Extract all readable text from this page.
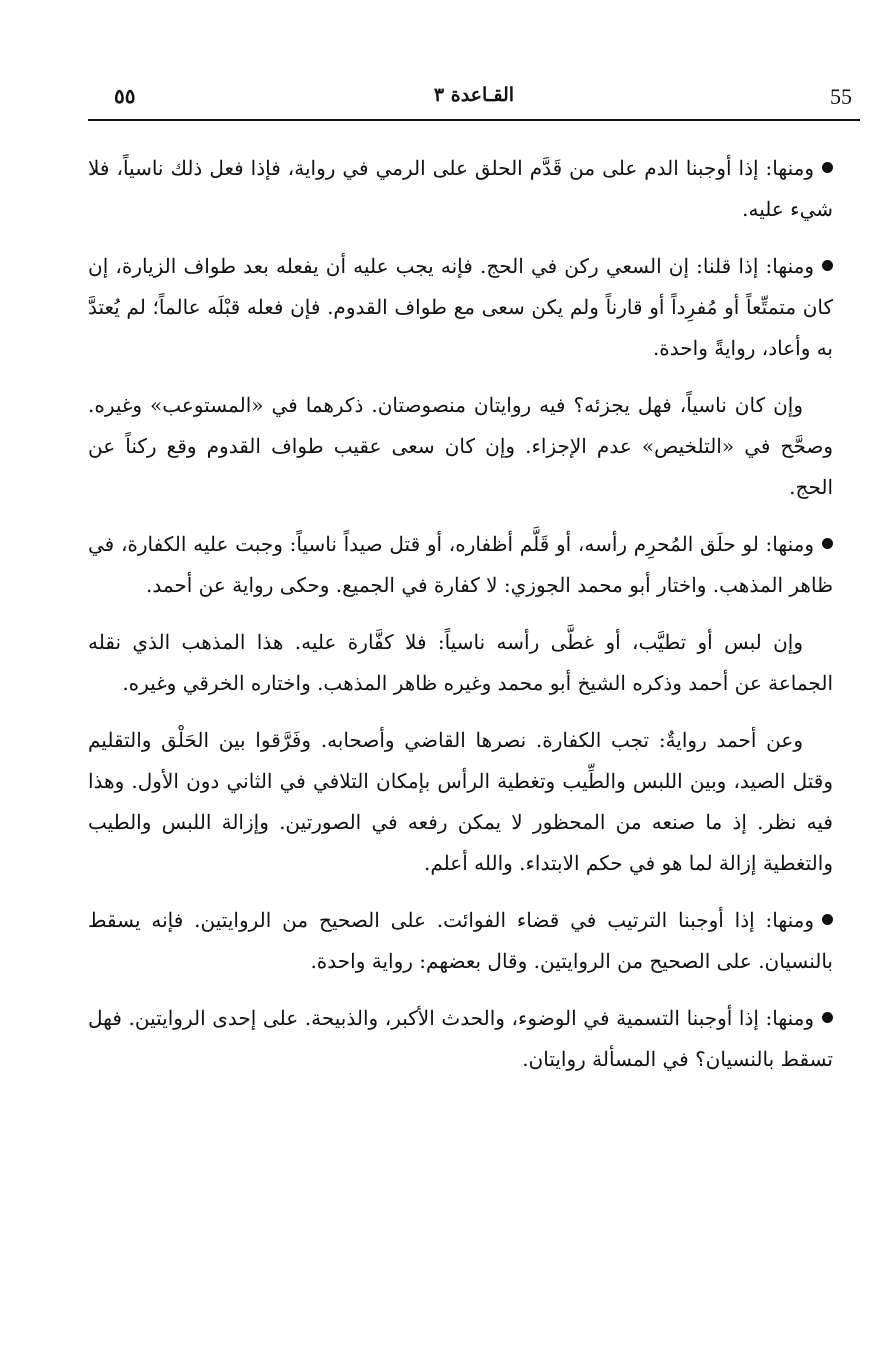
55
القـاعدة ٣
٥٥

ومنها: إذا أوجبنا الدم على من قَدَّم الحلق على الرمي في رواية، فإذا فعل ذلك ناسياً، فلا شيء عليه.

ومنها: إذا قلنا: إن السعي ركن في الحج. فإنه يجب عليه أن يفعله بعد طواف الزيارة، إن كان متمتِّعاً أو مُفرِداً أو قارناً ولم يكن سعى مع طواف القدوم. فإن فعله قبْلَه عالماً؛ لم يُعتدَّ به وأعاد، روايةً واحدة.

وإن كان ناسياً، فهل يجزئه؟ فيه روايتان منصوصتان. ذكرهما في «المستوعب» وغيره. وصحَّح في «التلخيص» عدم الإجزاء. وإن كان سعى عقيب طواف القدوم وقع ركناً عن الحج.

ومنها: لو حلَق المُحرِم رأسه، أو قَلَّم أظفاره، أو قتل صيداً ناسياً: وجبت عليه الكفارة، في ظاهر المذهب. واختار أبو محمد الجوزي: لا كفارة في الجميع. وحكى رواية عن أحمد.

وإن لبس أو تطيَّب، أو غطَّى رأسه ناسياً: فلا كفَّارة عليه. هذا المذهب الذي نقله الجماعة عن أحمد وذكره الشيخ أبو محمد وغيره ظاهر المذهب. واختاره الخرقي وغيره.

وعن أحمد روايةٌ: تجب الكفارة. نصرها القاضي وأصحابه. وفَرَّقوا بين الحَلْق والتقليم وقتل الصيد، وبين اللبس والطِّيب وتغطية الرأس بإمكان التلافي في الثاني دون الأول. وهذا فيه نظر. إذ ما صنعه من المحظور لا يمكن رفعه في الصورتين. وإزالة اللبس والطيب والتغطية إزالة لما هو في حكم الابتداء. والله أعلم.

ومنها: إذا أوجبنا الترتيب في قضاء الفوائت. على الصحيح من الروايتين. فإنه يسقط بالنسيان. على الصحيح من الروايتين. وقال بعضهم: رواية واحدة.

ومنها: إذا أوجبنا التسمية في الوضوء، والحدث الأكبر، والذبيحة. على إحدى الروايتين. فهل تسقط بالنسيان؟ في المسألة روايتان.
